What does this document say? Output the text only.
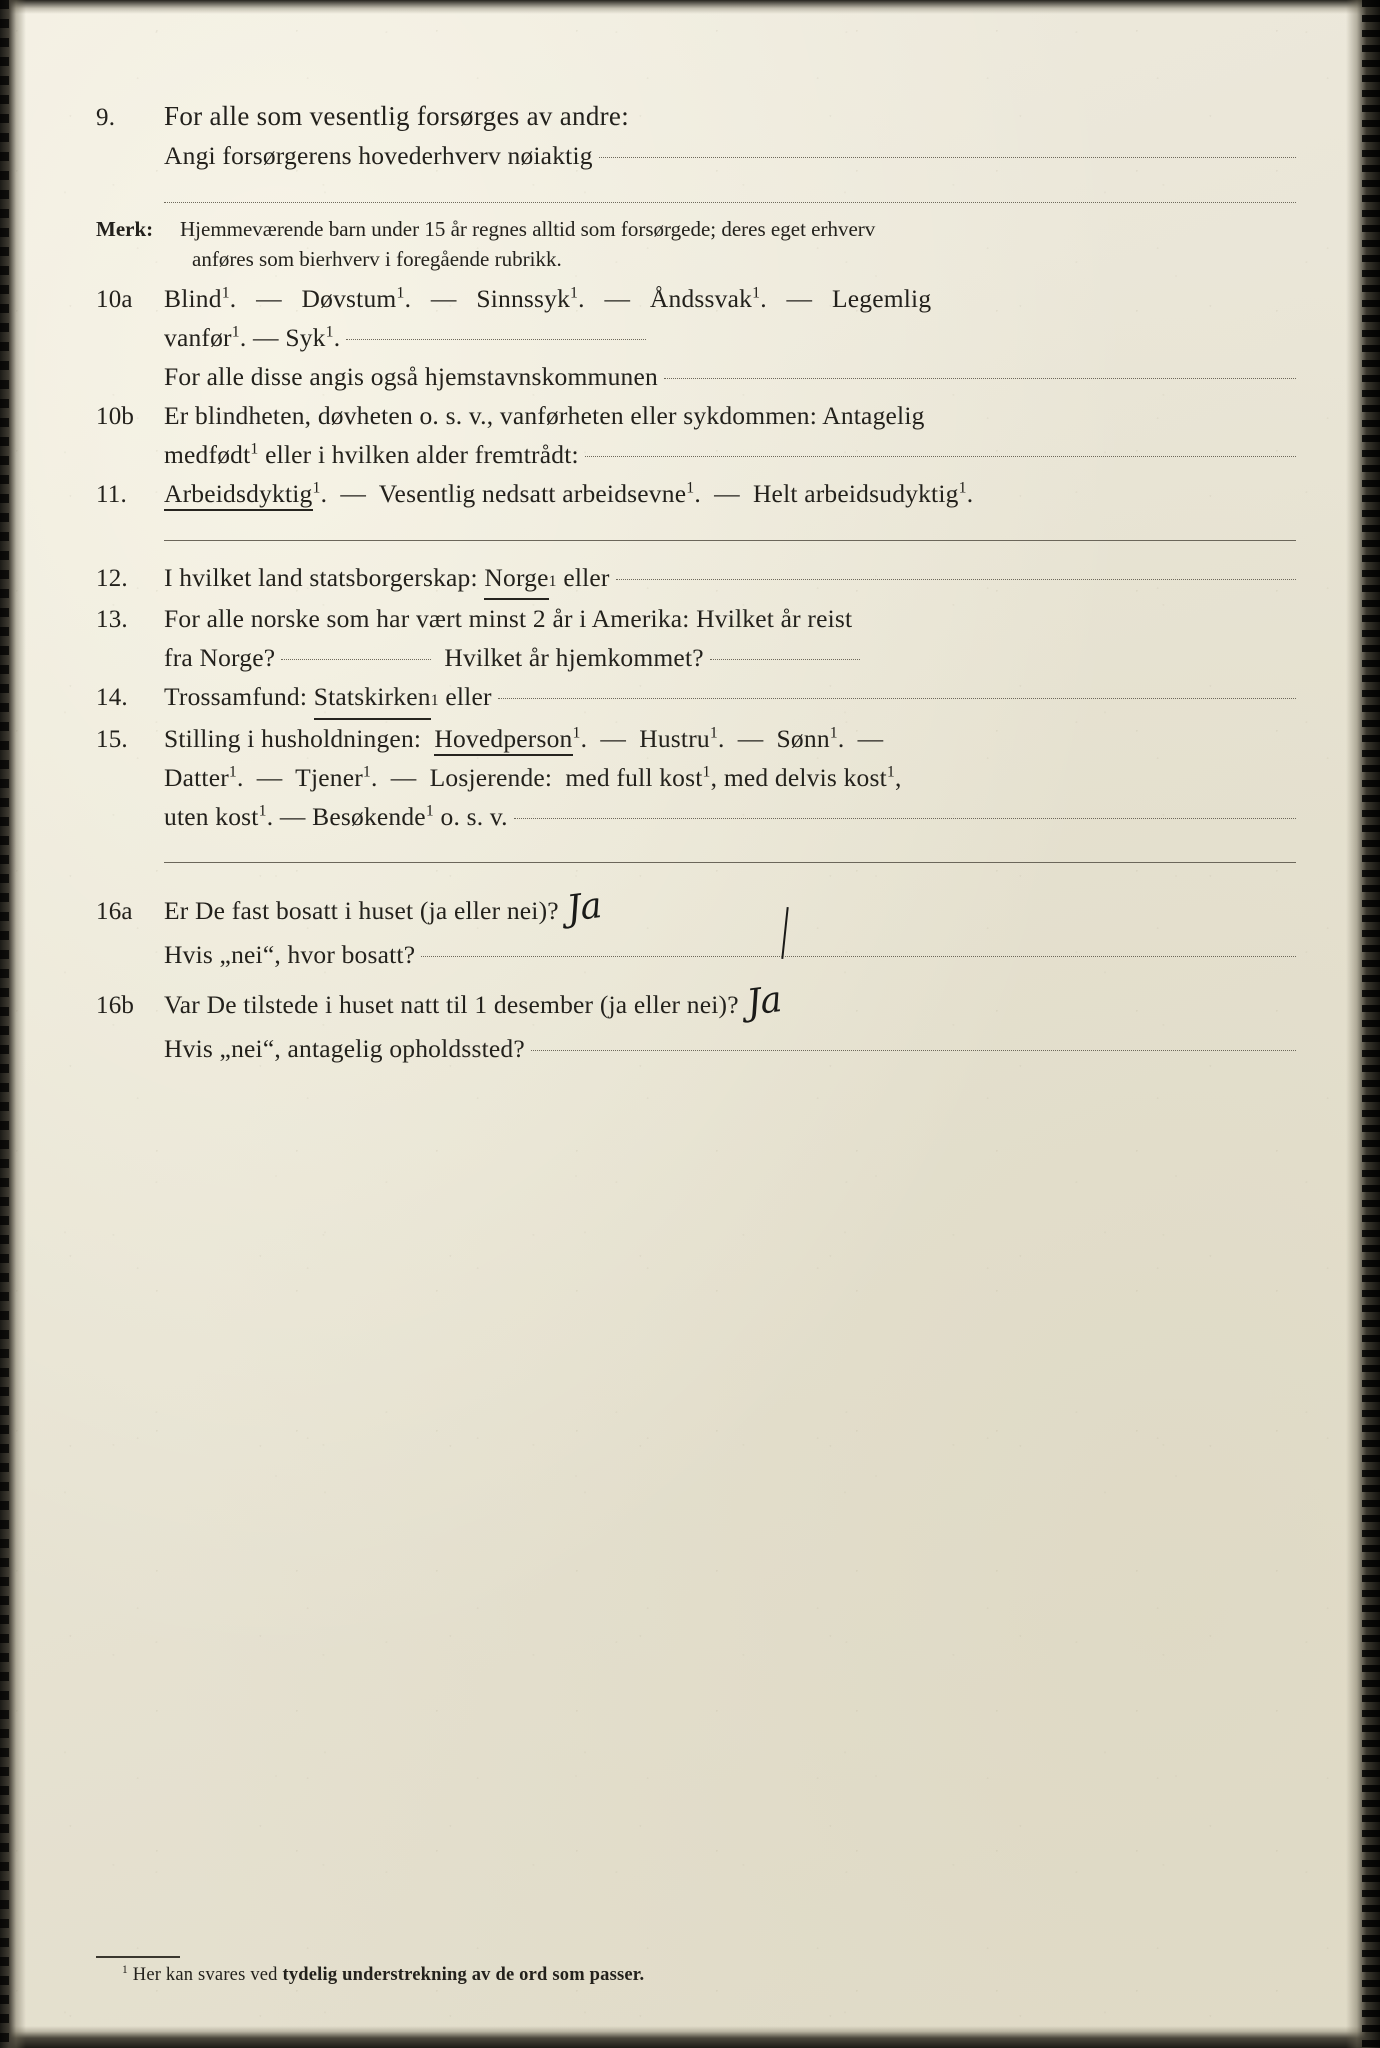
9.	For alle som vesentlig forsørges av andre:
Angi forsørgerens hovederhverv nøiaktig
Merk:	Hjemmeværende barn under 15 år regnes alltid som forsørgede; deres eget erhverv
anføres som bierhverv i foregående rubrikk.
10a	Blind$^1$. — Døvstum$^1$. — Sinnssyk$^1$. — Åndssvak$^1$. — Legemlig
vanfør$^1$.
—
Syk$^1$.
For alle disse angis også hjemstavnskommunen
10b	Er blindheten, døvheten o. s. v., vanførheten eller sykdommen: Antagelig
medfødt$^1$
eller i hvilken alder fremtrådt:
11.	Arbeidsdyktig$^1$.  — Vesentlig nedsatt arbeidsevne$^1$. — Helt arbeidsudyktig$^1$.
12.	I hvilket land statsborgerskap:
Norge 1
eller
13.	For alle norske som har vært minst 2 år i Amerika: Hvilket år reist
fra Norge?
	Hvilket år hjemkommet?
14.	Trossamfund:
Statskirken 1
eller
15.	Stilling i husholdningen: Hovedperson$^1$.  — Hustru$^1$. — Sønn$^1$. —
Datter$^1$. — Tjener$^1$. — Losjerende: med full kost$^1$, med delvis kost$^1$,
uten kost$^1$.
—
Besøkende$^1$
o. s. v.
16a	Er De fast bosatt i huset (ja eller nei)? Ja
Hvis „nei“, hvor bosatt?
16b	Var De tilstede i huset natt til 1 desember (ja eller nei)? Ja
Hvis „nei“, antagelig opholdssted?
$^1$ Her kan svares ved tydelig understrekning av de ord som passer.
